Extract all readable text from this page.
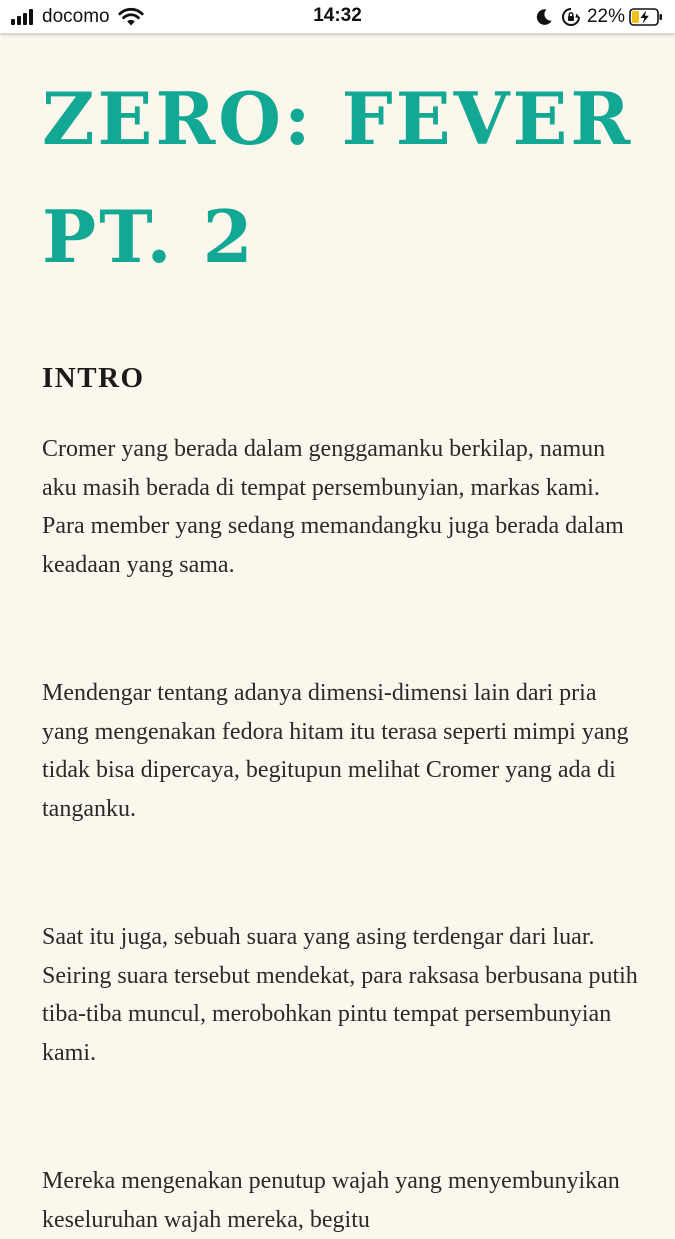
docomo	14:32	22%
ZERO: FEVER PT. 2
INTRO

Cromer yang berada dalam genggamanku berkilap, namun aku masih berada di tempat persembunyian, markas kami. Para member yang sedang memandangku juga berada dalam keadaan yang sama.

Mendengar tentang adanya dimensi-dimensi lain dari pria yang mengenakan fedora hitam itu terasa seperti mimpi yang tidak bisa dipercaya, begitupun melihat Cromer yang ada di tanganku.

Saat itu juga, sebuah suara yang asing terdengar dari luar. Seiring suara tersebut mendekat, para raksasa berbusana putih tiba-tiba muncul, merobohkan pintu tempat persembunyian kami.

Mereka mengenakan penutup wajah yang menyembunyikan keseluruhan wajah mereka, begitu
